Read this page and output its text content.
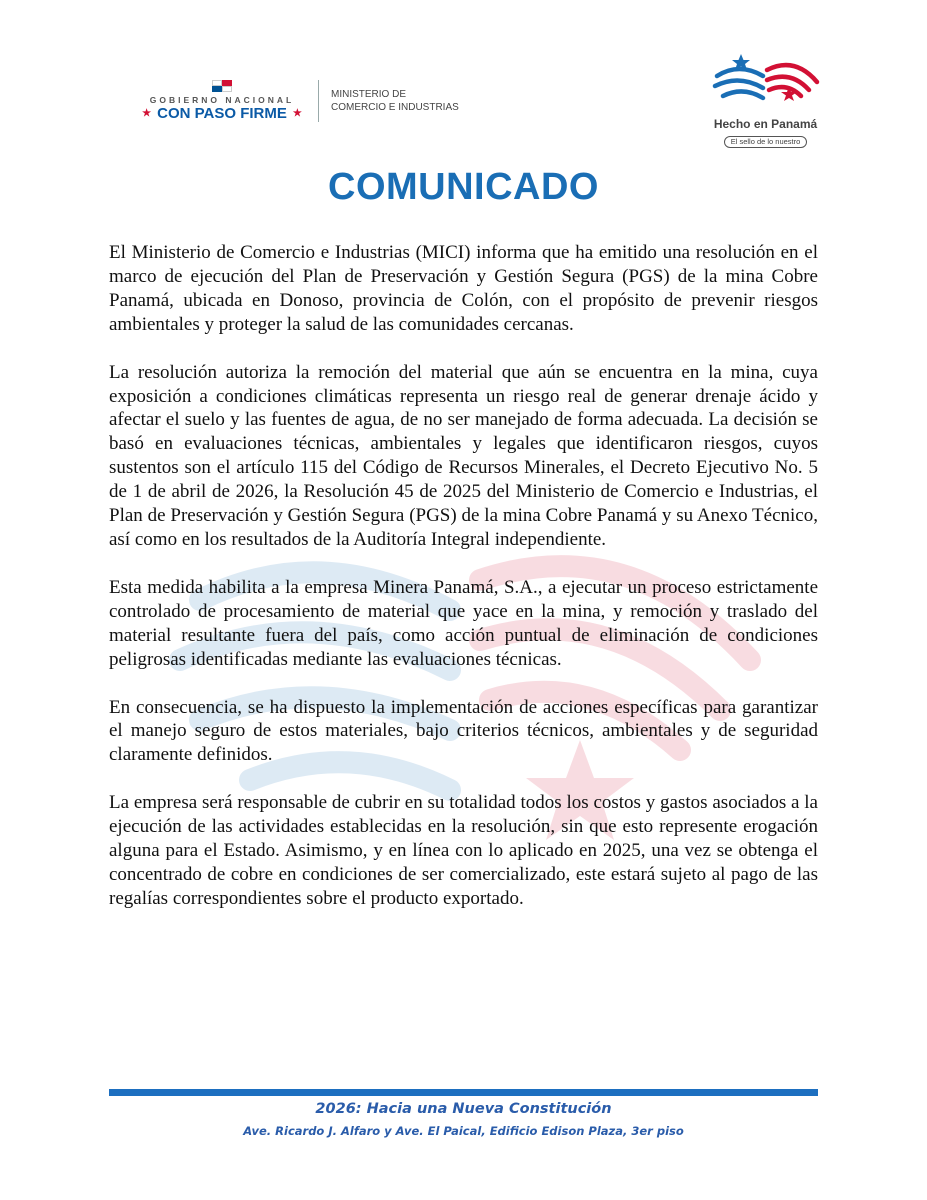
GOBIERNO NACIONAL
★ CON PASO FIRME ★
MINISTERIO DE
COMERCIO E INDUSTRIAS
Hecho en Panamá
El sello de lo nuestro
COMUNICADO

El Ministerio de Comercio e Industrias (MICI) informa que ha emitido una resolución en el marco de ejecución del Plan de Preservación y Gestión Segura (PGS) de la mina Cobre Panamá, ubicada en Donoso, provincia de Colón, con el propósito de prevenir riesgos ambientales y proteger la salud de las comunidades cercanas.

La resolución autoriza la remoción del material que aún se encuentra en la mina, cuya exposición a condiciones climáticas representa un riesgo real de generar drenaje ácido y afectar el suelo y las fuentes de agua, de no ser manejado de forma adecuada. La decisión se basó en evaluaciones técnicas, ambientales y legales que identificaron riesgos, cuyos sustentos son el artículo 115 del Código de Recursos Minerales, el Decreto Ejecutivo No. 5 de 1 de abril de 2026, la Resolución 45 de 2025 del Ministerio de Comercio e Industrias, el Plan de Preservación y Gestión Segura (PGS) de la mina Cobre Panamá y su Anexo Técnico, así como en los resultados de la Auditoría Integral independiente.

Esta medida habilita a la empresa Minera Panamá, S.A., a ejecutar un proceso estrictamente controlado de procesamiento de material que yace en la mina, y remoción y traslado del material resultante fuera del país, como acción puntual de eliminación de condiciones peligrosas identificadas mediante las evaluaciones técnicas.

En consecuencia, se ha dispuesto la implementación de acciones específicas para garantizar el manejo seguro de estos materiales, bajo criterios técnicos, ambientales y de seguridad claramente definidos.

La empresa será responsable de cubrir en su totalidad todos los costos y gastos asociados a la ejecución de las actividades establecidas en la resolución, sin que esto represente erogación alguna para el Estado. Asimismo, y en línea con lo aplicado en 2025, una vez se obtenga el concentrado de cobre en condiciones de ser comercializado, este estará sujeto al pago de las regalías correspondientes sobre el producto exportado.

2026: Hacia una Nueva Constitución
Ave. Ricardo J. Alfaro y Ave. El Paical, Edificio Edison Plaza, 3er piso
